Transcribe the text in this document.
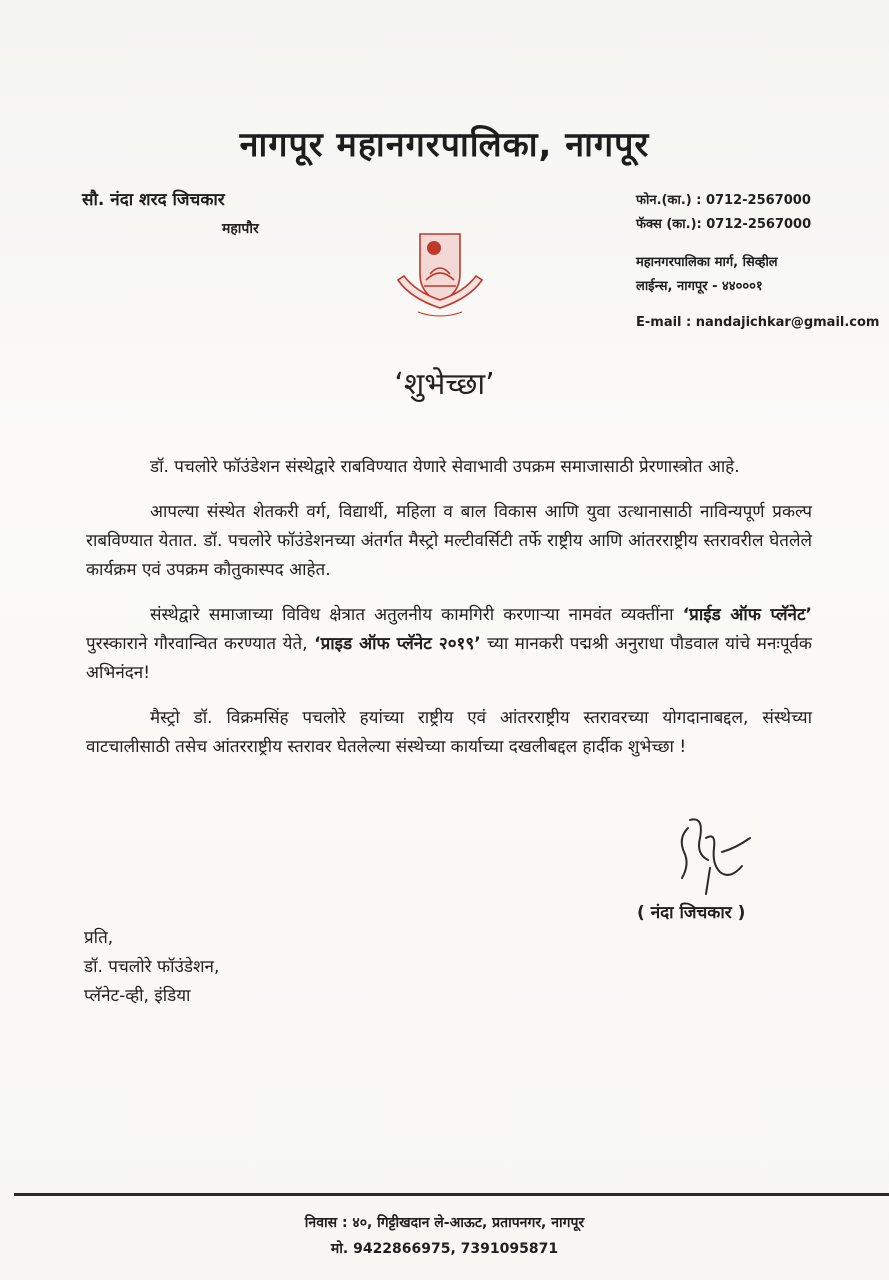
नागपूर महानगरपालिका, नागपूर
सौ. नंदा शरद जिचकार
महापौर
फोन.(का.) : 0712-2567000
फॅक्स (का.): 0712-2567000
महानगरपालिका मार्ग, सिव्हील
लाईन्स, नागपूर - ४४०००१
E-mail : nandajichkar@gmail.com
‘शुभेच्छा’

डॉ. पचलोरे फॉउंडेशन संस्थेद्वारे राबविण्यात येणारे सेवाभावी उपक्रम समाजासाठी प्रेरणास्त्रोत आहे.

आपल्या संस्थेत शेतकरी वर्ग, विद्यार्थी, महिला व बाल विकास आणि युवा उत्थानासाठी नाविन्यपूर्ण प्रकल्प राबविण्यात येतात. डॉ. पचलोरे फॉउंडेशनच्या अंतर्गत मैस्ट्रो मल्टीवर्सिटी तर्फे राष्ट्रीय आणि आंतरराष्ट्रीय स्तरावरील घेतलेले कार्यक्रम एवं उपक्रम कौतुकास्पद आहेत.

संस्थेद्वारे समाजाच्या विविध क्षेत्रात अतुलनीय कामगिरी करणाऱ्या नामवंत व्यक्तींना ‘प्राईड ऑफ प्लॅनेट’ पुरस्काराने गौरवान्वित करण्यात येते, ‘प्राइड ऑफ प्लॅनेट २०१९’ च्या मानकरी पद्मश्री अनुराधा पौडवाल यांचे मनःपूर्वक अभिनंदन!

मैस्ट्रो डॉ. विक्रमसिंह पचलोरे हयांच्या राष्ट्रीय एवं आंतरराष्ट्रीय स्तरावरच्या योगदानाबद्दल, संस्थेच्या वाटचालीसाठी तसेच आंतरराष्ट्रीय स्तरावर घेतलेल्या संस्थेच्या कार्याच्या दखलीबद्दल हार्दीक शुभेच्छा !

( नंदा जिचकार )
प्रति,
डॉ. पचलोरे फॉउंडेशन,
प्लॅनेट-व्ही, इंडिया
निवास : ४०, गिट्टीखदान ले-आऊट, प्रतापनगर, नागपूर
मो. 9422866975, 7391095871
